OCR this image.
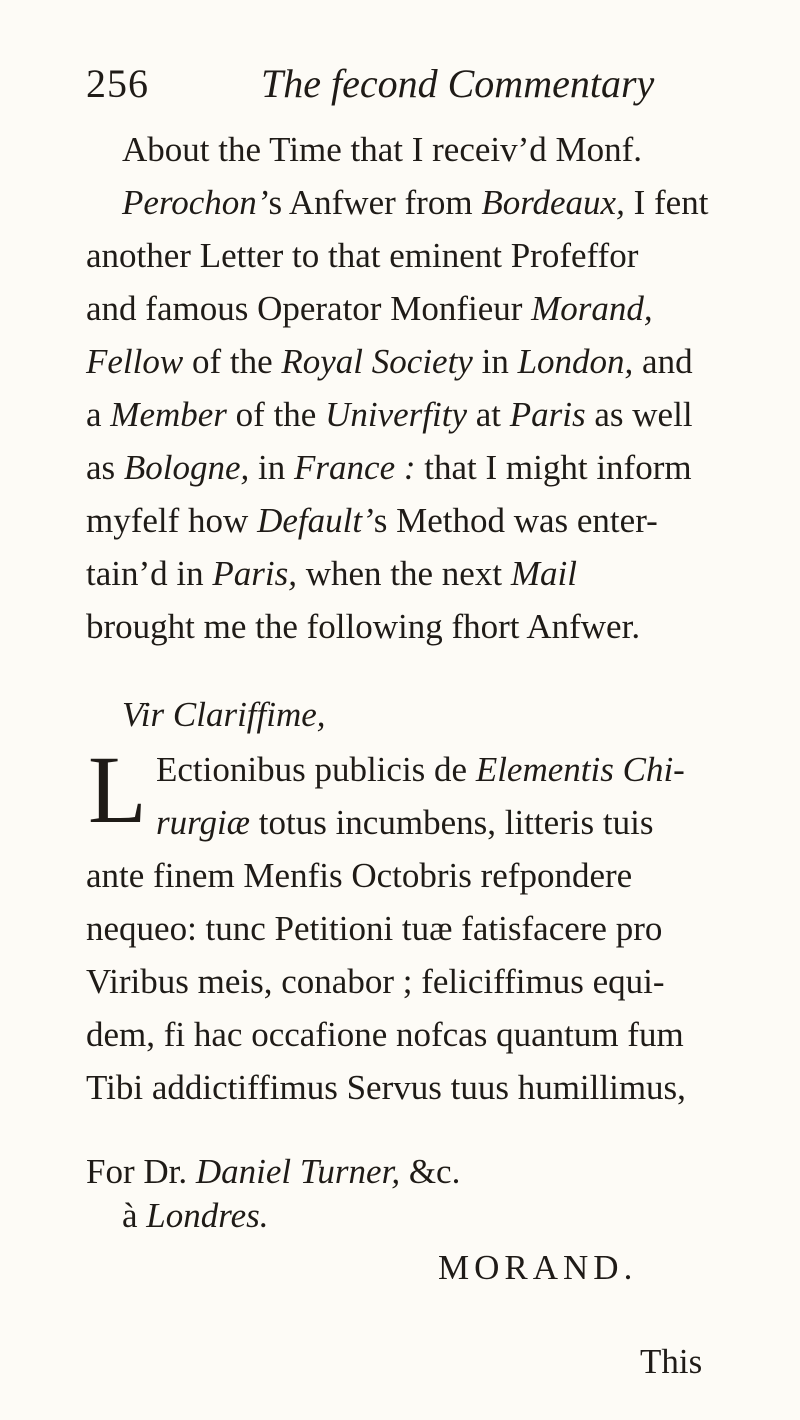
256	The fecond Commentary
About the Time that I receiv’d Monf.
Perochon’s Anfwer from Bordeaux, I fent
another Letter to that eminent Profeffor
and famous Operator Monfieur Morand,
Fellow of the Royal Society in London, and
a Member of the Univerfity at Paris as well
as Bologne, in France : that I might inform
myfelf how Default’s Method was enter-
tain’d in Paris, when the next Mail
brought me the following fhort Anfwer.
Vir Clariffime,
L Ectionibus publicis de Elementis Chi-
rurgiæ totus incumbens, litteris tuis
ante finem Menfis Octobris refpondere
nequeo: tunc Petitioni tuæ fatisfacere pro
Viribus meis, conabor ; feliciffimus equi-
dem, fi hac occafione nofcas quantum fum
Tibi addictiffimus Servus tuus humillimus,
For Dr. Daniel Turner, &c.
à Londres.
MORAND.
This
